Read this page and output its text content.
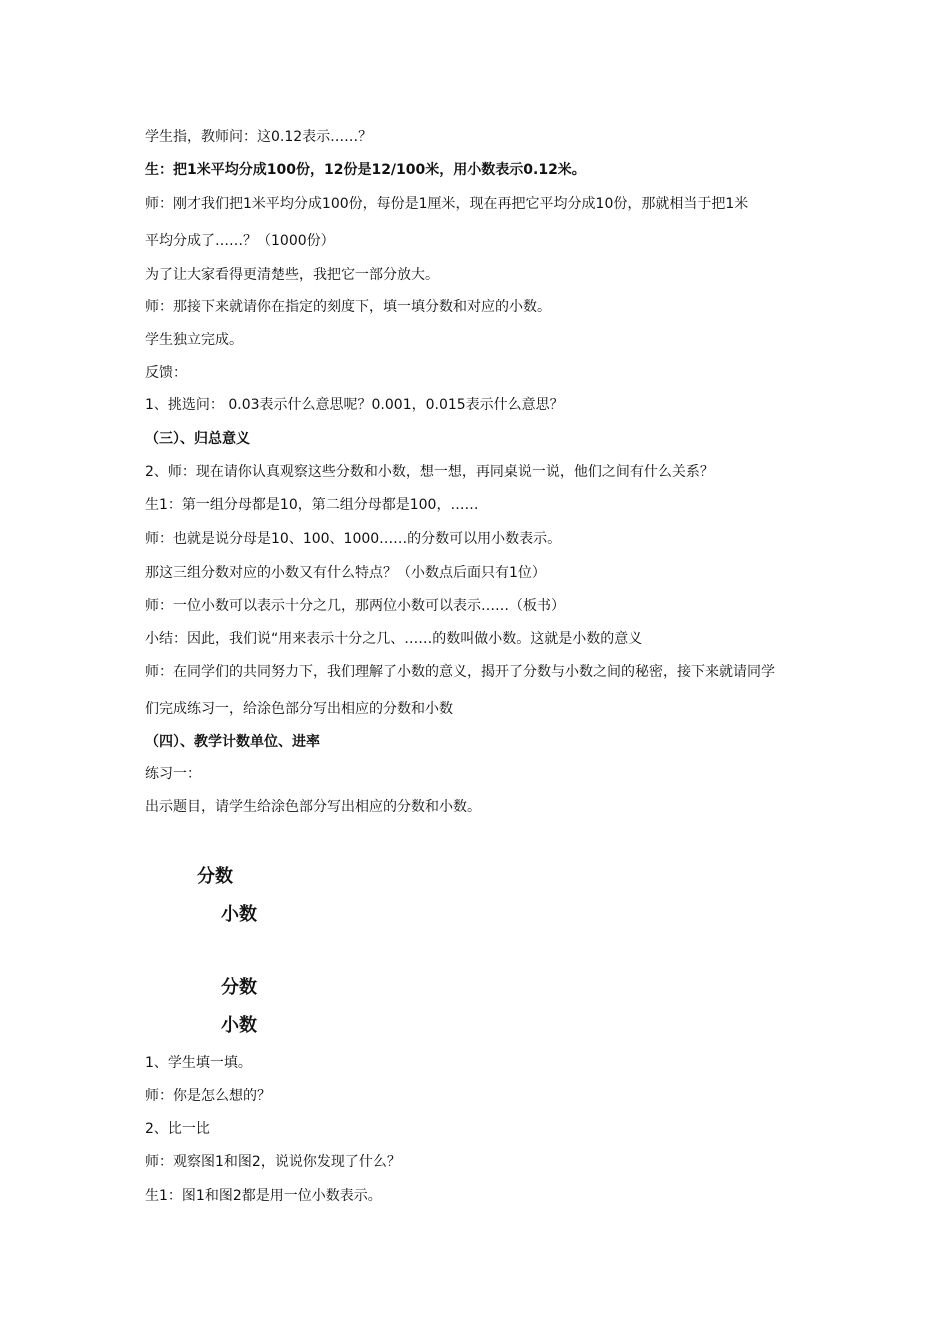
学生指，教师问：这0.12表示……？
生：把1米平均分成100份，12份是12/100米，用小数表示0.12米。
师：刚才我们把1米平均分成100份，每份是1厘米，现在再把它平均分成10份，那就相当于把1米
平均分成了……？（1000份）
为了让大家看得更清楚些，我把它一部分放大。
师：那接下来就请你在指定的刻度下，填一填分数和对应的小数。
学生独立完成。
反馈：
1、挑选问： 0.03表示什么意思呢？0.001，0.015表示什么意思？
（三）、归总意义
2、师：现在请你认真观察这些分数和小数，想一想，再同桌说一说，他们之间有什么关系？
生1：第一组分母都是10，第二组分母都是100，……
师：也就是说分母是10、100、1000……的分数可以用小数表示。
那这三组分数对应的小数又有什么特点？（小数点后面只有1位）
师：一位小数可以表示十分之几，那两位小数可以表示……（板书）
小结：因此，我们说“用来表示十分之几、……的数叫做小数。这就是小数的意义
师：在同学们的共同努力下，我们理解了小数的意义，揭开了分数与小数之间的秘密，接下来就请同学
们完成练习一，给涂色部分写出相应的分数和小数
（四）、教学计数单位、进率
练习一：
出示题目，请学生给涂色部分写出相应的分数和小数。
分数
小数
分数
小数
1、学生填一填。
师：你是怎么想的？
2、比一比
师：观察图1和图2，说说你发现了什么？
生1：图1和图2都是用一位小数表示。
